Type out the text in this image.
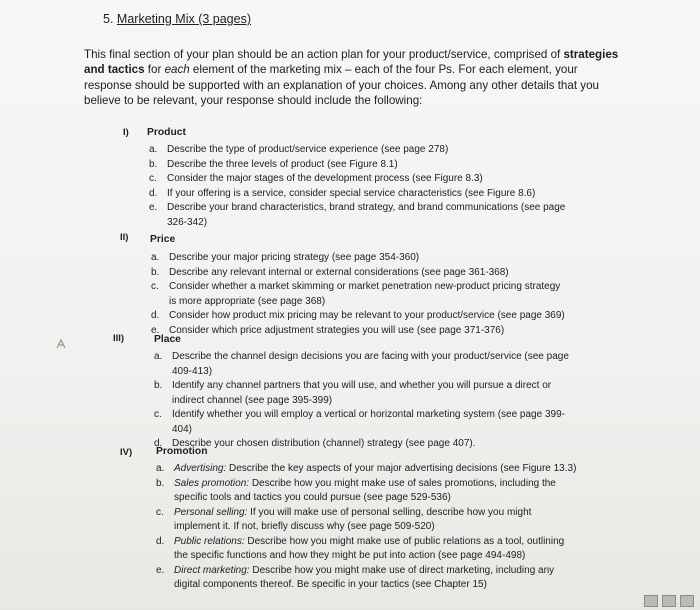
5. Marketing Mix (3 pages)
This final section of your plan should be an action plan for your product/service, comprised of strategies and tactics for each element of the marketing mix – each of the four Ps. For each element, your response should be supported with an explanation of your choices. Among any other details that you believe to be relevant, your response should include the following:
I) Product
a. Describe the type of product/service experience (see page 278)
b. Describe the three levels of product (see Figure 8.1)
c. Consider the major stages of the development process (see Figure 8.3)
d. If your offering is a service, consider special service characteristics (see Figure 8.6)
e. Describe your brand characteristics, brand strategy, and brand communications (see page
326-342)
II) Price
a. Describe your major pricing strategy (see page 354-360)
b. Describe any relevant internal or external considerations (see page 361-368)
c. Consider whether a market skimming or market penetration new-product pricing strategy
is more appropriate (see page 368)
d. Consider how product mix pricing may be relevant to your product/service (see page 369)
e. Consider which price adjustment strategies you will use (see page 371-376)
III)	Place
a. Describe the channel design decisions you are facing with your product/service (see page
409-413)
b. Identify any channel partners that you will use, and whether you will pursue a direct or
indirect channel (see page 395-399)
c. Identify whether you will employ a vertical or horizontal marketing system (see page 399-
404)
d. Describe your chosen distribution (channel) strategy (see page 407).
IV) Promotion
a. Advertising: Describe the key aspects of your major advertising decisions (see Figure 13.3)
b. Sales promotion: Describe how you might make use of sales promotions, including the
specific tools and tactics you could pursue (see page 529-536)
c. Personal selling: If you will make use of personal selling, describe how you might
implement it. If not, briefly discuss why (see page 509-520)
d. Public relations: Describe how you might make use of public relations as a tool, outlining
the specific functions and how they might be put into action (see page 494-498)
e. Direct marketing: Describe how you might make use of direct marketing, including any
digital components thereof. Be specific in your tactics (see Chapter 15)
